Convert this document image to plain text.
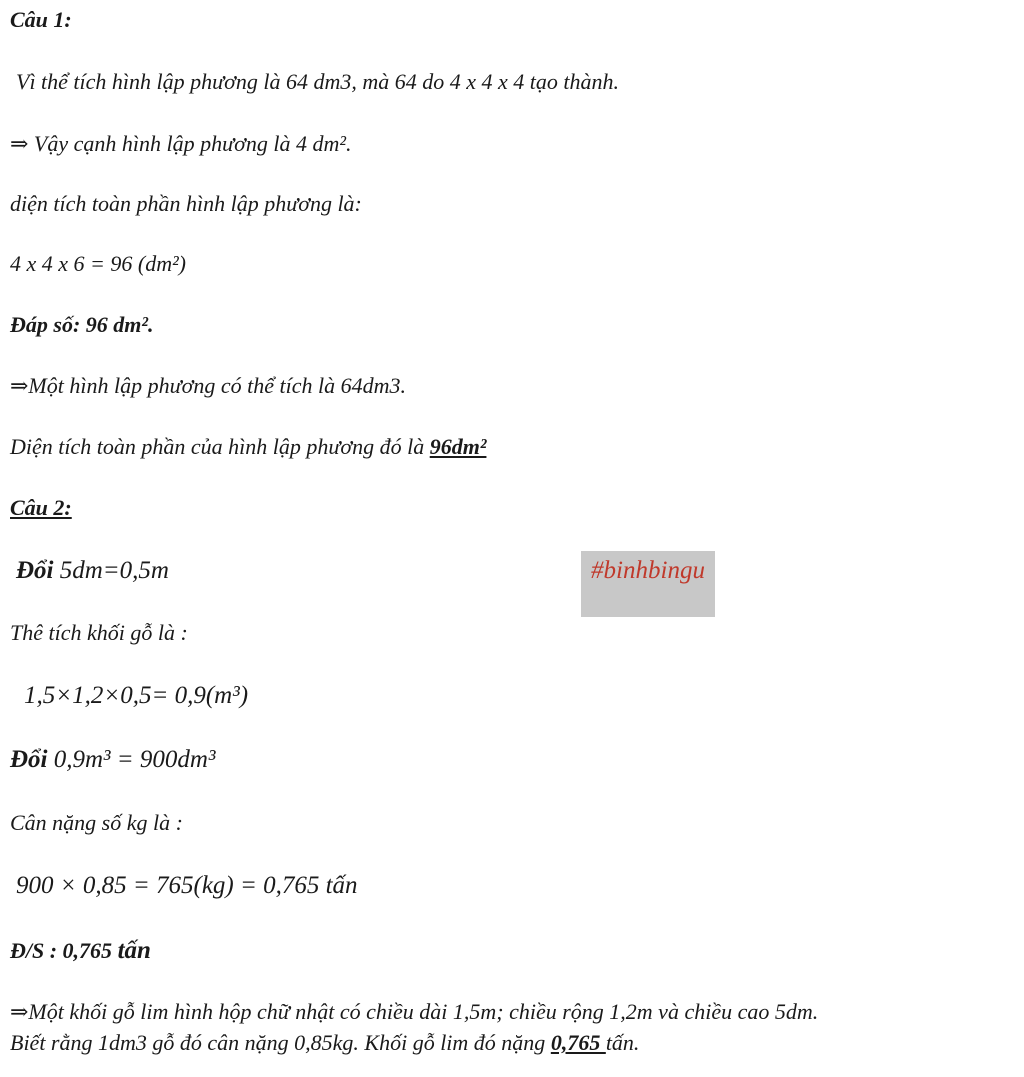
Câu 1:
Vì thể tích hình lập phương là 64 dm3, mà 64 do 4 x 4 x 4 tạo thành.
⇒ Vậy cạnh hình lập phương là 4 dm².
diện tích toàn phần hình lập phương là:
4 x 4 x 6 = 96 (dm²)
Đáp số: 96 dm².
⇒Một hình lập phương có thể tích là 64dm3.
Diện tích toàn phần của hình lập phương đó là 96dm²
Câu 2:
Đổi 5dm=0,5m	#binhbingu
Thê tích khối gỗ là :
1,5×1,2×0,5= 0,9(m³)
Đổi 0,9m³ = 900dm³
Cân nặng số kg là :
900 × 0,85 = 765(kg) = 0,765 tấn
Đ/S : 0,765 tấn
⇒Một khối gỗ lim hình hộp chữ nhật có chiều dài 1,5m; chiều rộng 1,2m và chiều cao 5dm.
Biết rằng 1dm3 gỗ đó cân nặng 0,85kg. Khối gỗ lim đó nặng 0,765 tấn.
